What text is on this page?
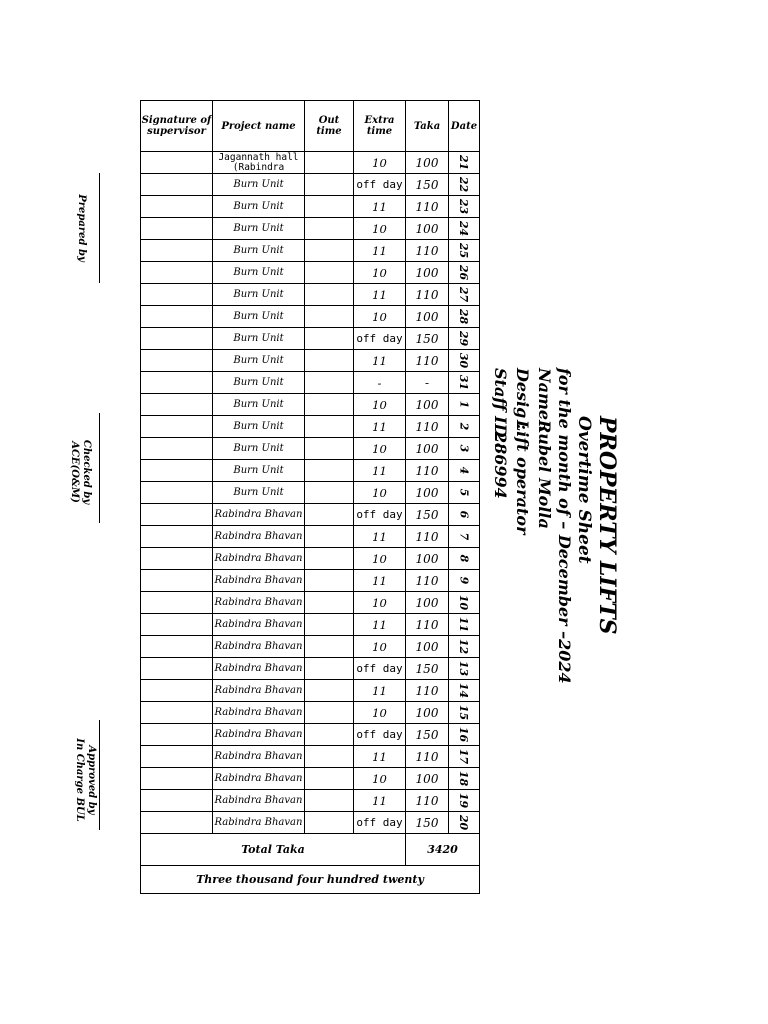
Prepared by
Checked by
ACE(O&M)
Approved by
In Charge BUL
Signature of supervisor	Project name	Out time	Extra time	Taka	Date
	Jagannath hall (Rabindra		10	100	21
	Burn Unit		off day	150	22
	Burn Unit		11	110	23
	Burn Unit		10	100	24
	Burn Unit		11	110	25
	Burn Unit		10	100	26
	Burn Unit		11	110	27
	Burn Unit		10	100	28
	Burn Unit		off day	150	29
	Burn Unit		11	110	30
	Burn Unit		-	-	31
	Burn Unit		10	100	1
	Burn Unit		11	110	2
	Burn Unit		10	100	3
	Burn Unit		11	110	4
	Burn Unit		10	100	5
	Rabindra Bhavan		off day	150	6
	Rabindra Bhavan		11	110	7
	Rabindra Bhavan		10	100	8
	Rabindra Bhavan		11	110	9
	Rabindra Bhavan		10	100	10
	Rabindra Bhavan		11	110	11
	Rabindra Bhavan		10	100	12
	Rabindra Bhavan		off day	150	13
	Rabindra Bhavan		11	110	14
	Rabindra Bhavan		10	100	15
	Rabindra Bhavan		off day	150	16
	Rabindra Bhavan		11	110	17
	Rabindra Bhavan		10	100	18
	Rabindra Bhavan		11	110	19
	Rabindra Bhavan		off day	150	20
Total Taka				3420	
Three thousand four hundred twenty					
PROPERTY LIFTS
Overtime Sheet
for the month of – December –2024
Name :Rubel Molla
Desig :Lift operator
Staff ID :286994
